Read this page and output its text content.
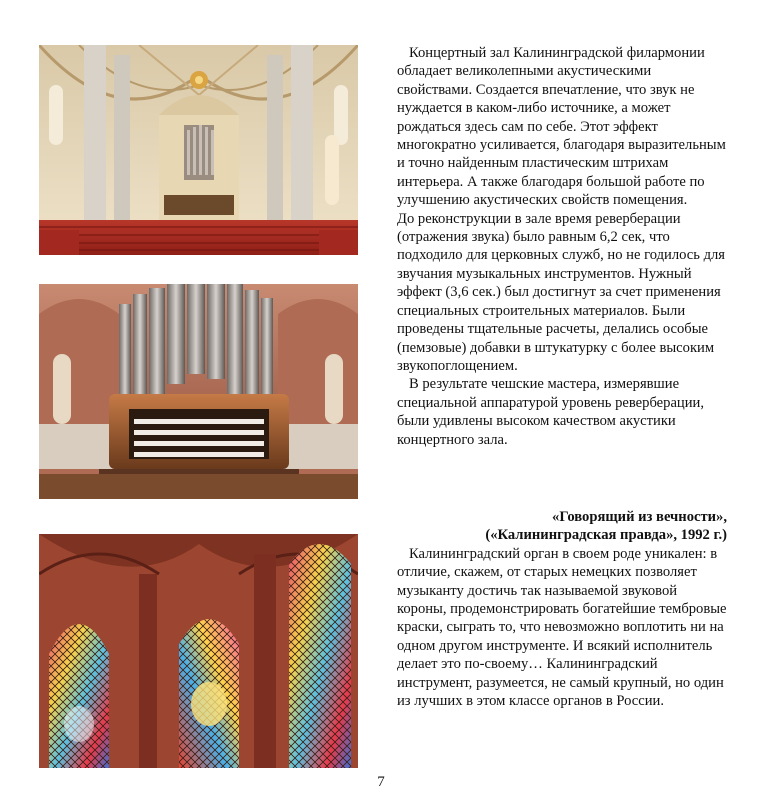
Концертный зал Калининградской филармонии обладает великолепными акустическими свойствами. Создается впечатление, что звук не нуждается в каком-либо источнике, а может рождаться здесь сам по себе. Этот эффект многократно усиливается, благодаря выразительным и точно найденным пластическим штрихам интерьера. А также благодаря большой работе по улучшению акустических свойств помещения.

До реконструкции в зале время реверберации (отражения звука) было равным 6,2 сек, что подходило для церковных служб, но не годилось для звучания музыкальных инструментов. Нужный эффект (3,6 сек.) был достигнут за счет применения специальных строительных материалов. Были проведены тщательные расчеты, делались особые (пемзовые) добавки в штукатурку с более высоким звукопоглощением.

В результате чешские мастера, измерявшие специальной аппаратурой уровень реверберации, были удивлены высоком качеством акустики концертного зала.

«Говорящий из вечности»,

(«Калининградская правда», 1992 г.)

Калининградский орган в своем роде уникален: в отличие, скажем, от старых немецких позволяет музыканту достичь так называемой звуковой короны, продемонстрировать богатейшие тембровые краски, сыграть то, что невозможно воплотить ни на одном другом инструменте. И всякий исполнитель делает это по-своему… Калининградский инструмент, разумеется, не самый крупный, но один из лучших в этом классе органов в России.

7
